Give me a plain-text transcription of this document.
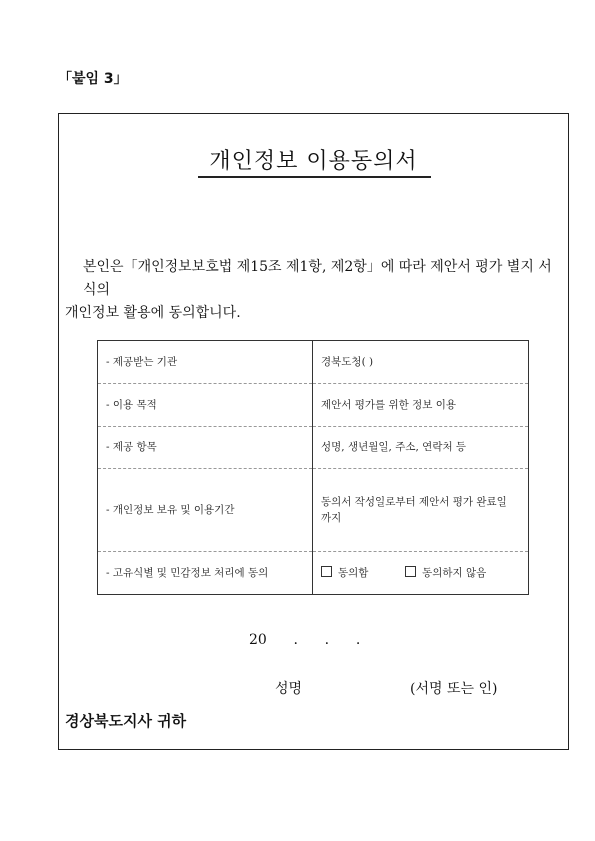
「붙임 3」
개인정보 이용동의서

본인은「개인정보보호법 제15조 제1항, 제2항」에 따라 제안서 평가 별지 서식의

개인정보 활용에 동의합니다.

- 제공받는 기관	경북도청( )
- 이용 목적	제안서 평가를 위한 정보 이용
- 제공 항목	성명, 생년월일, 주소, 연락처 등
- 개인정보 보유 및 이용기간	동의서 작성일로부터 제안서 평가 완료일 까지
- 고유식별 및 민감정보 처리에 동의	동의함 동의하지 않음
20      .      .      .
성명	(서명 또는 인)
경상북도지사 귀하
